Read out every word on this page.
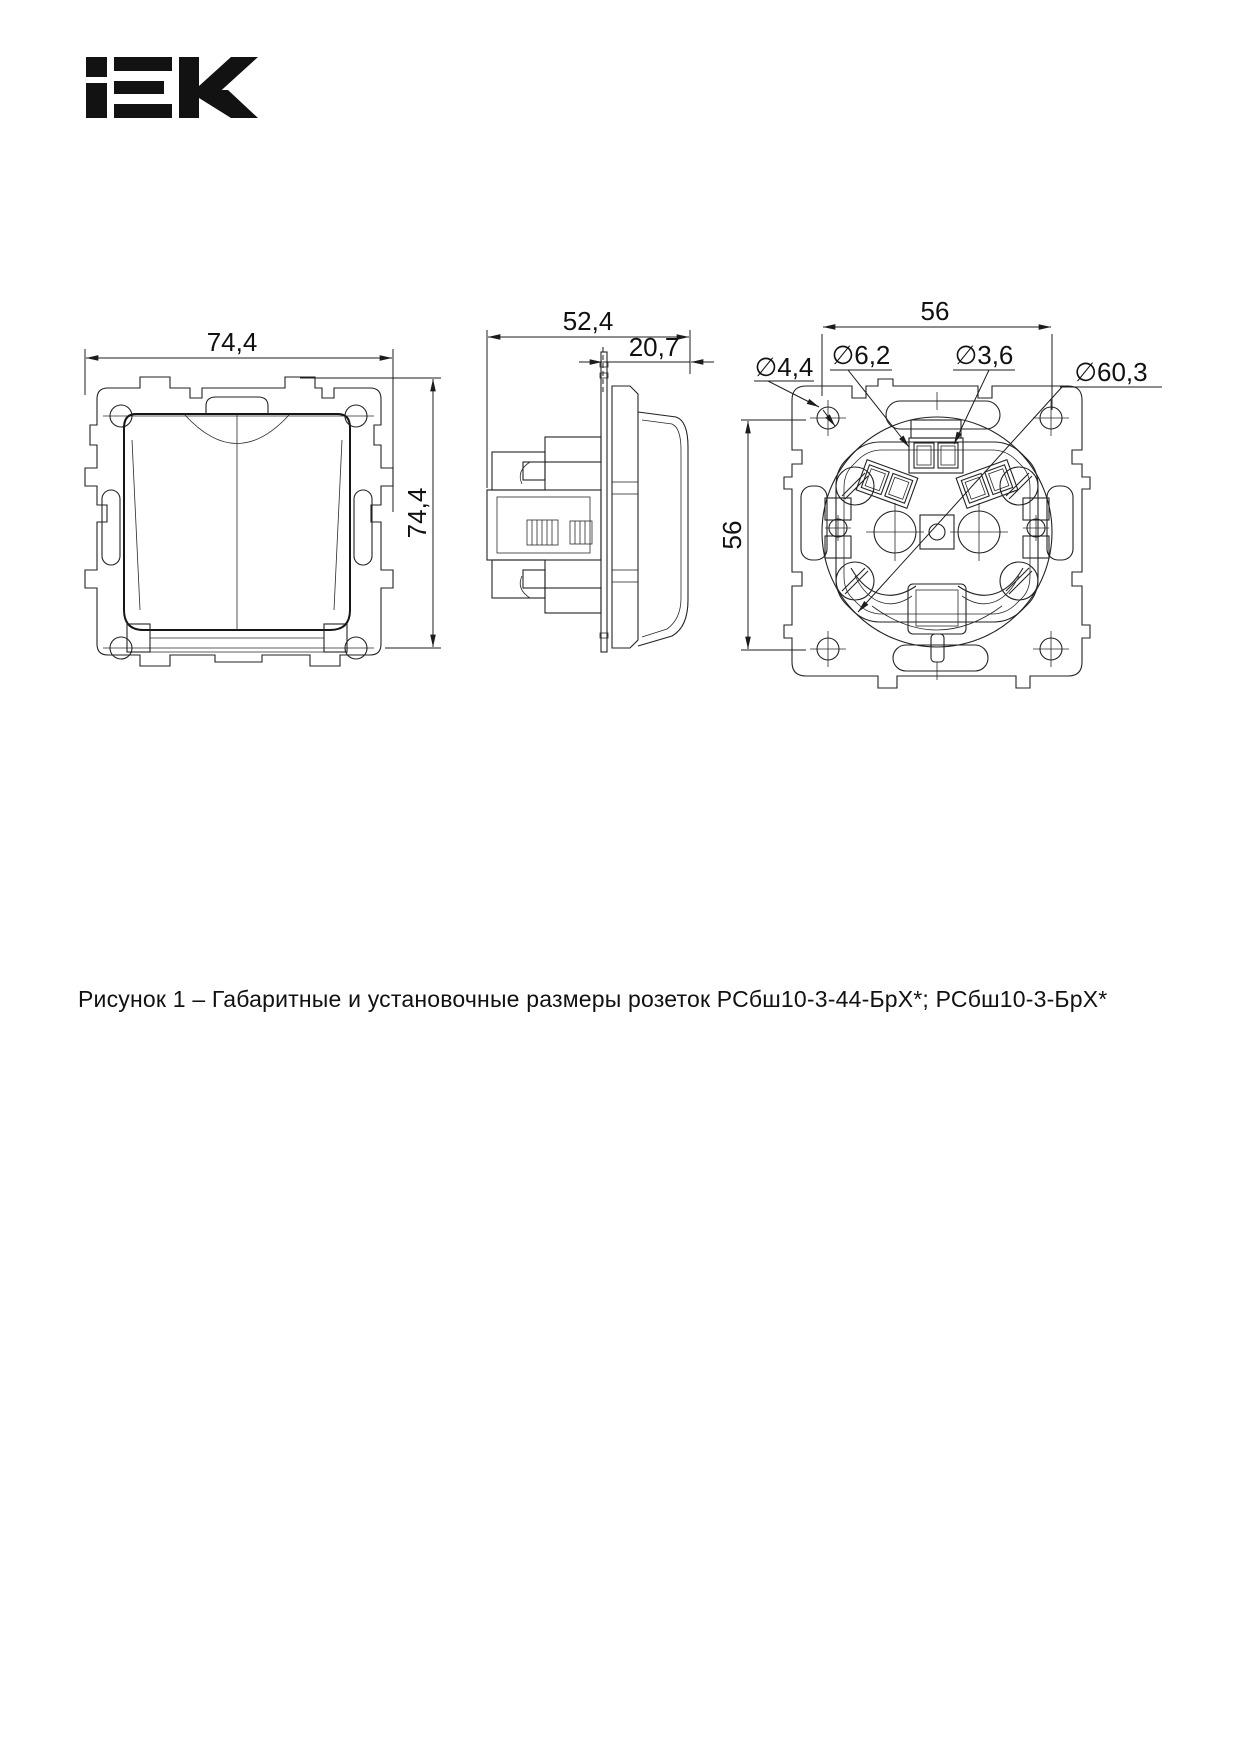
74,4
74,4
52,4
20,7
56
56
∅4,4 ∅6,2 ∅3,6
∅60,3
Рисунок 1 – Габаритные и установочные размеры розеток РСбш10-3-44-БрХ*; РСбш10-3-БрХ*
